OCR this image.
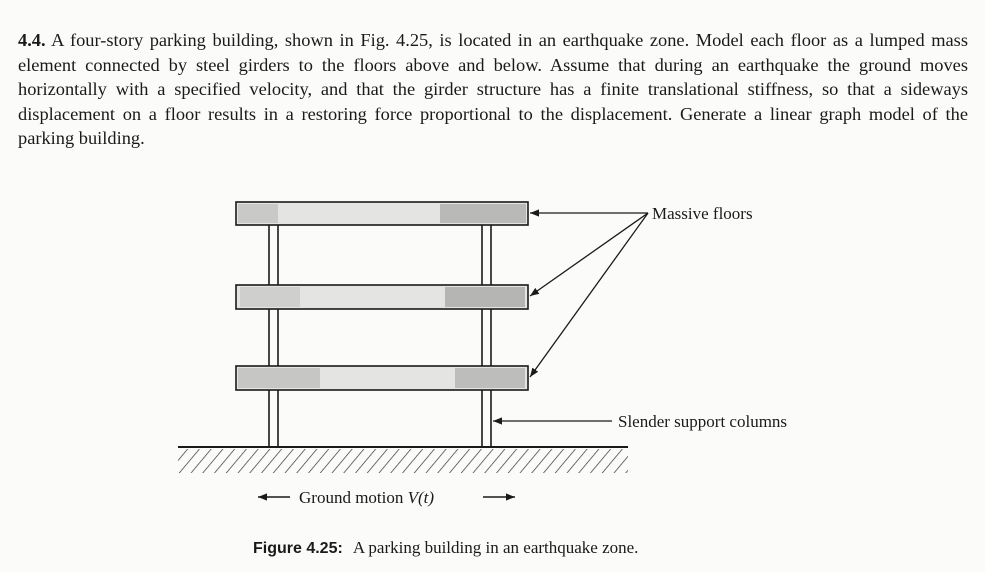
4.4. A four-story parking building, shown in Fig. 4.25, is located in an earthquake zone. Model each floor as a lumped mass element connected by steel girders to the floors above and below. Assume that during an earthquake the ground moves horizontally with a specified velocity, and that the girder structure has a finite translational stiffness, so that a sideways displacement on a floor results in a restoring force proportional to the displacement. Generate a linear graph model of the parking building.

Massive floors
Slender support columns
Ground motion V(t)
Figure 4.25: A parking building in an earthquake zone.
